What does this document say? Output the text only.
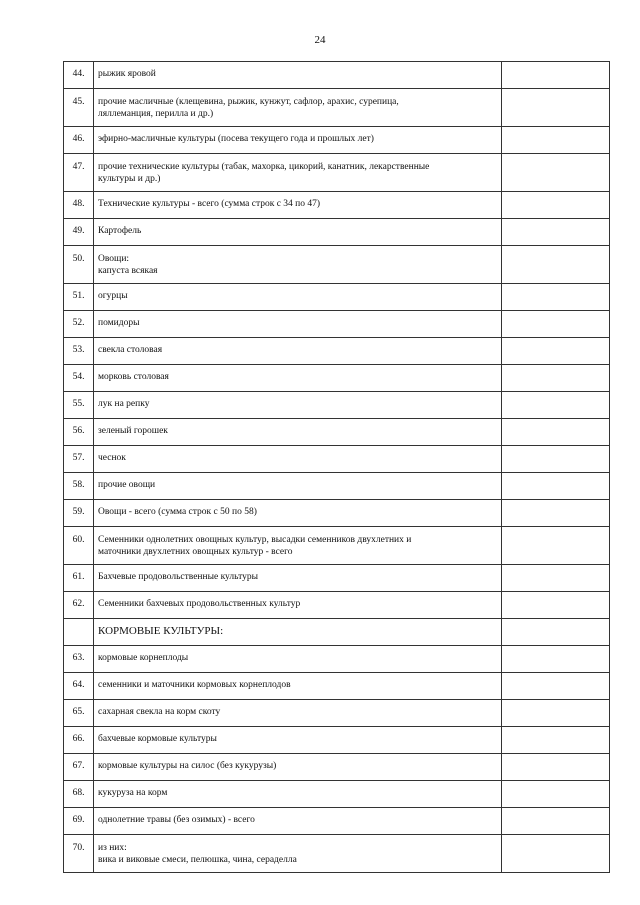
24
44.	рыжик яровой	

45.	прочие масличные (клещевина, рыжик, кунжут, сафлор, арахис, сурепица,
ляллеманция, перилла и др.)	

46.	эфирно-масличные культуры (посева текущего года и прошлых лет)	

47.	прочие технические культуры (табак, махорка, цикорий, канатник, лекарственные
культуры и др.)	

48.	Технические культуры - всего (сумма строк с 34 по 47)	

49.	Картофель	

50.	Овощи:
капуста всякая	

51.	огурцы	

52.	помидоры	

53.	свекла столовая	

54.	морковь столовая	

55.	лук на репку	

56.	зеленый горошек	

57.	чеснок	

58.	прочие овощи	

59.	Овощи - всего (сумма строк с 50 по 58)	

60.	Семенники однолетних овощных культур, высадки семенников двухлетних и
маточники двухлетних овощных культур - всего	

61.	Бахчевые продовольственные культуры	

62.	Семенники бахчевых продовольственных культур	

	КОРМОВЫЕ КУЛЬТУРЫ:	

63.	кормовые корнеплоды	

64.	семенники и маточники кормовых корнеплодов	

65.	сахарная свекла на корм скоту	

66.	бахчевые кормовые культуры	

67.	кормовые культуры на силос (без кукурузы)	

68.	кукуруза на корм	

69.	однолетние травы (без озимых) - всего	

70.	из них:
вика и виковые смеси, пелюшка, чина, сераделла	
